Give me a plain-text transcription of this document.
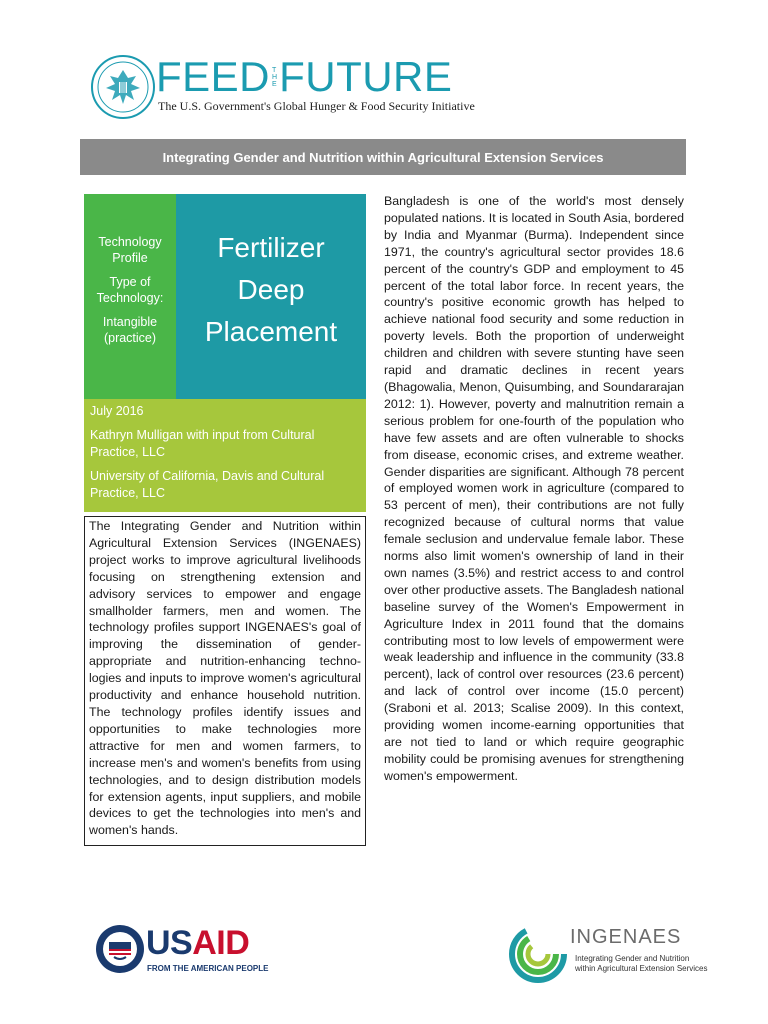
FEED T
H
E FUTURE
The U.S. Government's Global Hunger & Food Security Initiative
Integrating Gender and Nutrition within Agricultural Extension Services
Technology Profile
Type of Technology:
Intangible (practice)
Fertilizer
Deep
Placement

July 2016

Kathryn Mulligan with input from Cultural Practice, LLC

University of California, Davis and Cultural Practice, LLC

The Integrating Gender and Nutrition within Agricultural Extension Services (INGENAES) project works to improve agricultural livelihoods focusing on strengthening extension and advisory services to empower and engage smallholder farmers, men and women. The technology profiles support INGENAES's goal of improving the dissemination of gender-appropriate and nutrition-enhancing techno-logies and inputs to improve women's agricultural productivity and enhance household nutrition. The technology profiles identify issues and opportunities to make technologies more attractive for men and women farmers, to increase men's and women's benefits from using technologies, and to design distribution models for extension agents, input suppliers, and mobile devices to get the technologies into men's and women's hands.
Bangladesh is one of the world's most densely populated nations. It is located in South Asia, bordered by India and Myanmar (Burma). Independent since 1971, the country's agricultural sector provides 18.6 percent of the country's GDP and employment to 45 percent of the total labor force. In recent years, the country's positive economic growth has helped to achieve national food security and some reduction in poverty levels. Both the proportion of underweight children and children with severe stunting have seen rapid and dramatic declines in recent years (Bhagowalia, Menon, Quisumbing, and Soundararajan 2012: 1). However, poverty and malnutrition remain a serious problem for one-fourth of the population who have few assets and are often vulnerable to shocks from disease, economic crises, and extreme weather. Gender disparities are significant. Although 78 percent of employed women work in agriculture (compared to 53 percent of men), their contributions are not fully recognized because of cultural norms that value female seclusion and undervalue female labor. These norms also limit women's ownership of land in their own names (3.5%) and restrict access to and control over other productive assets. The Bangladesh national baseline survey of the Women's Empowerment in Agriculture Index in 2011 found that the domains contributing most to low levels of empowerment were weak leadership and influence in the community (33.8 percent), lack of control over resources (23.6 percent) and lack of control over income (15.0 percent) (Sraboni et al. 2013; Scalise 2009). In this context, providing women income-earning opportunities that are not tied to land or which require geographic mobility could be promising avenues for strengthening women's empowerment.
USAID
FROM THE AMERICAN PEOPLE
INGENAES
Integrating Gender and Nutrition
within Agricultural Extension Services
